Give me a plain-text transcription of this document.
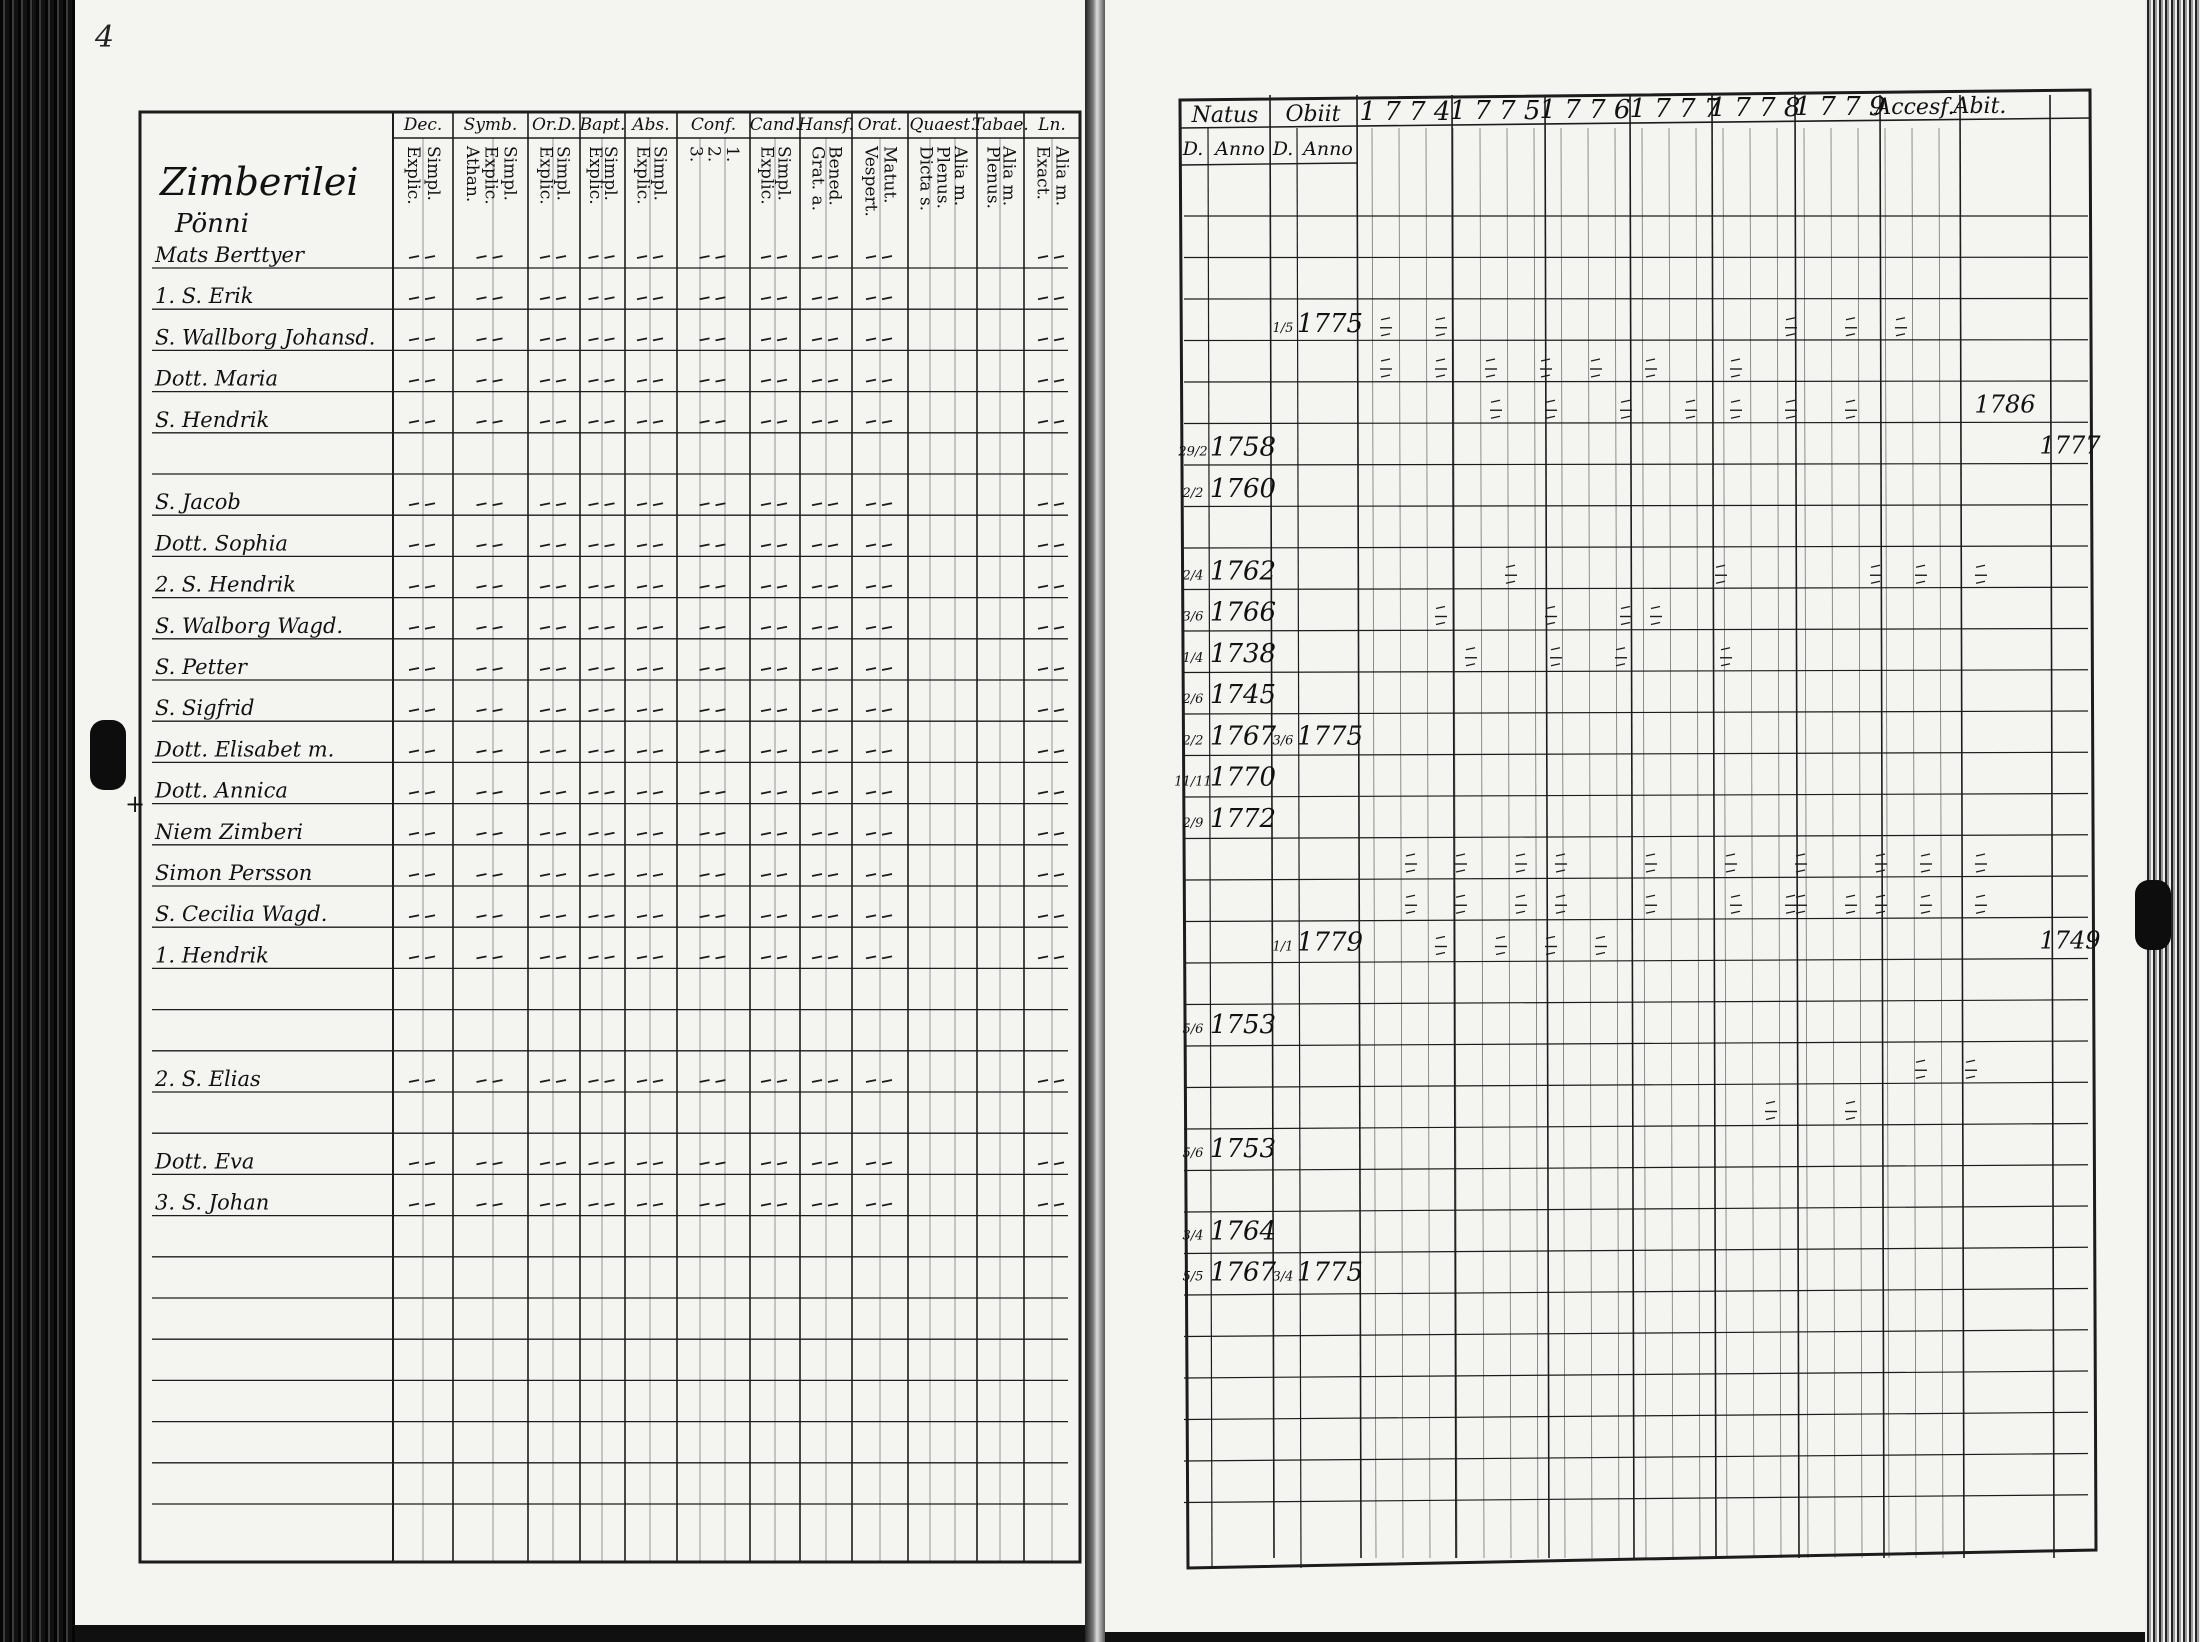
4
Dec. Symb. Or.D. Bapt. Abs. Conf. Cand.
Hansf. Orat. Quaest.
Tabae. Ln.
Explic. Simpl. Athan.
Explic.
Simpl. Explic.
Simpl. Explic.
Simpl. Explic.
Simpl. 3.
2.
1. Explic.
Simpl. Grat. a.
Bened. Vespert.
Matut. Dicta s.
Plenus.
Alia m. Plenus.
Alia m. Exact.
Alia m.
Zimberilei
Pönni
Mats Berttyer
1. S. Erik
S. Wallborg Johansd.
Dott. Maria
S. Hendrik
S. Jacob
Dott. Sophia
2. S. Hendrik
S. Walborg Wagd.
S. Petter
S. Sigfrid
Dott. Elisabet m.
Dott. Annica
Niem Zimberi
Simon Persson
S. Cecilia Wagd.
1. Hendrik
2. S. Elias
Dott. Eva
3. S. Johan
+
Natus Obiit 1 7 7 4 1 7 7 5 1 7 7 6 1 7 7 7
1 7 7 8
1 7 7 9
Accesf.
Abit.
D. Anno D. Anno
29/2 1758
2/2 1760
2/4 1762
3/6 1766
1/4 1738
2/6 1745
2/2 1767
11/11
1770
2/9 1772
5/6 1753
5/6 1753
3/4 1764
5/5 1767
1/5 1775
3/6 1775
1/1 1779
3/4 1775
1786
1777
1749
